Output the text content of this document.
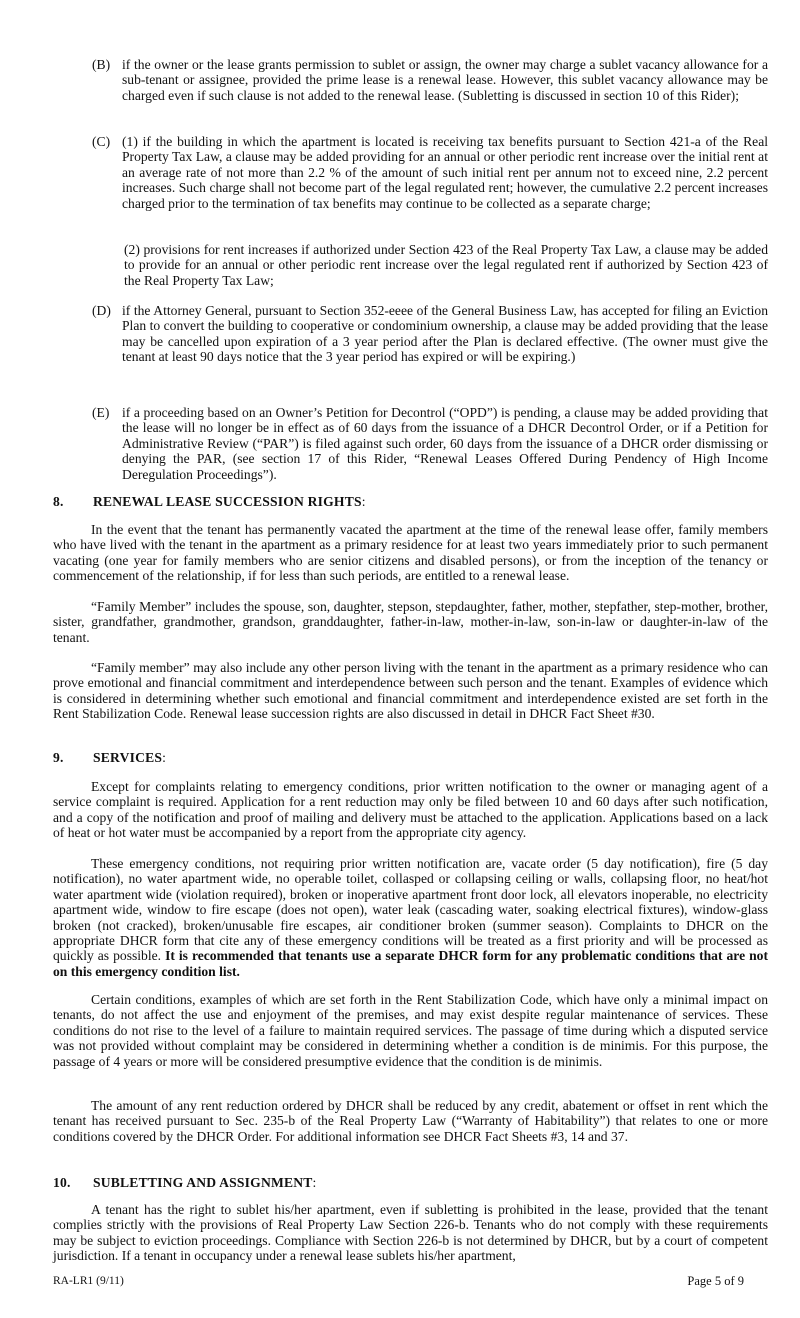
(B) if the owner or the lease grants permission to sublet or assign, the owner may charge a sublet vacancy allowance for a sub-tenant or assignee, provided the prime lease is a renewal lease. However, this sublet vacancy allowance may be charged even if such clause is not added to the renewal lease. (Subletting is discussed in section 10 of this Rider);
(C) (1) if the building in which the apartment is located is receiving tax benefits pursuant to Section 421-a of the Real Property Tax Law, a clause may be added providing for an annual or other periodic rent increase over the initial rent at an average rate of not more than 2.2 % of the amount of such initial rent per annum not to exceed nine, 2.2 percent increases. Such charge shall not become part of the legal regulated rent; however, the cumulative 2.2 percent increases charged prior to the termination of tax benefits may continue to be collected as a separate charge;
(2) provisions for rent increases if authorized under Section 423 of the Real Property Tax Law, a clause may be added to provide for an annual or other periodic rent increase over the legal regulated rent if authorized by Section 423 of the Real Property Tax Law;
(D) if the Attorney General, pursuant to Section 352-eeee of the General Business Law, has accepted for filing an Eviction Plan to convert the building to cooperative or condominium ownership, a clause may be added providing that the lease may be cancelled upon expiration of a 3 year period after the Plan is declared effective. (The owner must give the tenant at least 90 days notice that the 3 year period has expired or will be expiring.)
(E) if a proceeding based on an Owner’s Petition for Decontrol (“OPD”) is pending, a clause may be added providing that the lease will no longer be in effect as of 60 days from the issuance of a DHCR Decontrol Order, or if a Petition for Administrative Review (“PAR”) is filed against such order, 60 days from the issuance of a DHCR order dismissing or denying the PAR, (see section 17 of this Rider, “Renewal Leases Offered During Pendency of High Income Deregulation Proceedings”).
8. RENEWAL LEASE SUCCESSION RIGHTS:
In the event that the tenant has permanently vacated the apartment at the time of the renewal lease offer, family members who have lived with the tenant in the apartment as a primary residence for at least two years immediately prior to such permanent vacating (one year for family members who are senior citizens and disabled persons), or from the inception of the tenancy or commencement of the relationship, if for less than such periods, are entitled to a renewal lease.
“Family Member” includes the spouse, son, daughter, stepson, stepdaughter, father, mother, stepfather, step-mother, brother, sister, grandfather, grandmother, grandson, granddaughter, father-in-law, mother-in-law, son-in-law or daughter-in-law of the tenant.
“Family member” may also include any other person living with the tenant in the apartment as a primary residence who can prove emotional and financial commitment and interdependence between such person and the tenant. Examples of evidence which is considered in determining whether such emotional and financial commitment and interdependence existed are set forth in the Rent Stabilization Code. Renewal lease succession rights are also discussed in detail in DHCR Fact Sheet #30.
9. SERVICES:
Except for complaints relating to emergency conditions, prior written notification to the owner or managing agent of a service complaint is required. Application for a rent reduction may only be filed between 10 and 60 days after such notification, and a copy of the notification and proof of mailing and delivery must be attached to the application. Applications based on a lack of heat or hot water must be accompanied by a report from the appropriate city agency.
These emergency conditions, not requiring prior written notification are, vacate order (5 day notification), fire (5 day notification), no water apartment wide, no operable toilet, collasped or collapsing ceiling or walls, collapsing floor, no heat/hot water apartment wide (violation required), broken or inoperative apartment front door lock, all elevators inoperable, no electricity apartment wide, window to fire escape (does not open), water leak (cascading water, soaking electrical fixtures), window-glass broken (not cracked), broken/unusable fire escapes, air conditioner broken (summer season). Complaints to DHCR on the appropriate DHCR form that cite any of these emergency conditions will be treated as a first priority and will be processed as quickly as possible. It is recommended that tenants use a separate DHCR form for any problematic conditions that are not on this emergency condition list.
Certain conditions, examples of which are set forth in the Rent Stabilization Code, which have only a minimal impact on tenants, do not affect the use and enjoyment of the premises, and may exist despite regular maintenance of services. These conditions do not rise to the level of a failure to maintain required services. The passage of time during which a disputed service was not provided without complaint may be considered in determining whether a condition is de minimis. For this purpose, the passage of 4 years or more will be considered presumptive evidence that the condition is de minimis.
The amount of any rent reduction ordered by DHCR shall be reduced by any credit, abatement or offset in rent which the tenant has received pursuant to Sec. 235-b of the Real Property Law (“Warranty of Habitability”) that relates to one or more conditions covered by the DHCR Order. For additional information see DHCR Fact Sheets #3, 14 and 37.
10. SUBLETTING AND ASSIGNMENT:
A tenant has the right to sublet his/her apartment, even if subletting is prohibited in the lease, provided that the tenant complies strictly with the provisions of Real Property Law Section 226-b. Tenants who do not comply with these requirements may be subject to eviction proceedings. Compliance with Section 226-b is not determined by DHCR, but by a court of competent jurisdiction. If a tenant in occupancy under a renewal lease sublets his/her apartment,
RA-LR1 (9/11)	Page 5 of 9
